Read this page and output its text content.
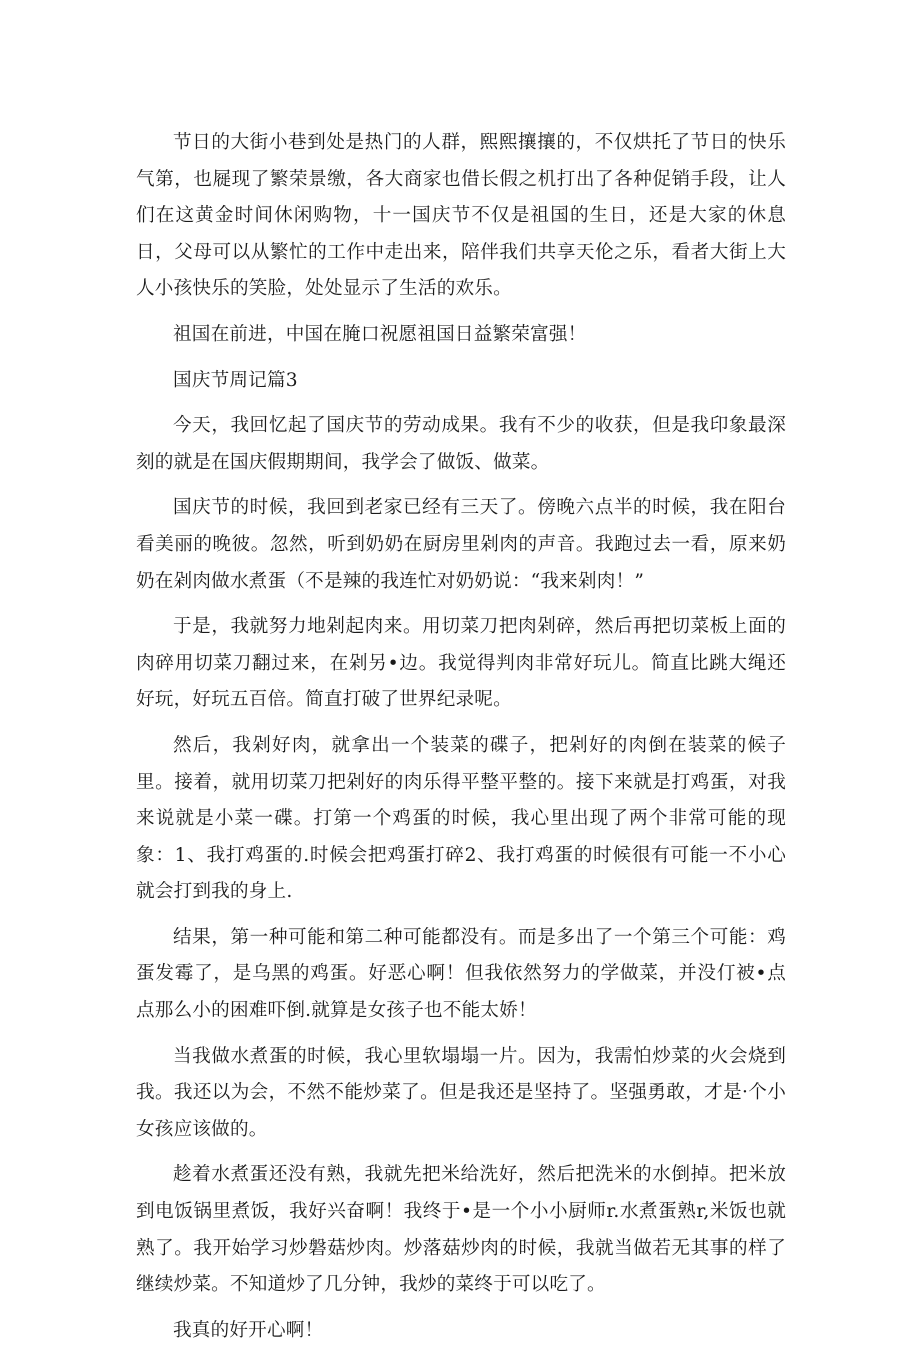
节日的大街小巷到处是热门的人群，熙熙攘攘的，不仅烘托了节日的快乐气第，也屣现了繁荣景缴，各大商家也借长假之机打出了各种促销手段，让人们在这黄金时间休闲购物，十一国庆节不仅是祖国的生日，还是大家的休息日，父母可以从繁忙的工作中走出来，陪伴我们共享天伦之乐，看者大街上大人小孩快乐的笑脸，处处显示了生活的欢乐。

祖国在前进，中国在腌口祝愿祖国日益繁荣富强！

国庆节周记篇3

今天，我回忆起了国庆节的劳动成果。我有不少的收获，但是我印象最深刻的就是在国庆假期期间，我学会了做饭、做菜。

国庆节的时候，我回到老家已经有三天了。傍晚六点半的时候，我在阳台看美丽的晚彼。忽然，听到奶奶在厨房里剁肉的声音。我跑过去一看，原来奶奶在剁肉做水煮蛋（不是辣的我连忙对奶奶说：“我来剁肉！”

于是，我就努力地剁起肉来。用切菜刀把肉剁碎，然后再把切菜板上面的肉碎用切菜刀翻过来，在剁另•边。我觉得判肉非常好玩儿。简直比跳大绳还好玩，好玩五百倍。简直打破了世界纪录呢。

然后，我剁好肉，就拿出一个装菜的碟子，把剁好的肉倒在装菜的候子里。接着，就用切菜刀把剁好的肉乐得平整平整的。接下来就是打鸡蛋，对我来说就是小菜一碟。打第一个鸡蛋的时候，我心里出现了两个非常可能的现象：1、我打鸡蛋的.时候会把鸡蛋打碎2、我打鸡蛋的时候很有可能一不小心就会打到我的身上.

结果，第一种可能和第二种可能都没有。而是多出了一个第三个可能：鸡蛋发霉了，是乌黑的鸡蛋。好恶心啊！但我依然努力的学做菜，并没仃被•点点那么小的困难吓倒.就算是女孩子也不能太娇！

当我做水煮蛋的时候，我心里软塌塌一片。因为，我需怕炒菜的火会烧到我。我还以为会，不然不能炒菜了。但是我还是坚持了。坚强勇敢，才是·个小女孩应该做的。

趁着水煮蛋还没有熟，我就先把米给洗好，然后把洗米的水倒掉。把米放到电饭锅里煮饭，我好兴奋啊！我终于•是一个小小厨师r.水煮蛋熟r,米饭也就熟了。我开始学习炒磐菇炒肉。炒落菇炒肉的时候，我就当做若无其事的样了继续炒菜。不知道炒了几分钟，我炒的菜终于可以吃了。

我真的好开心啊！
